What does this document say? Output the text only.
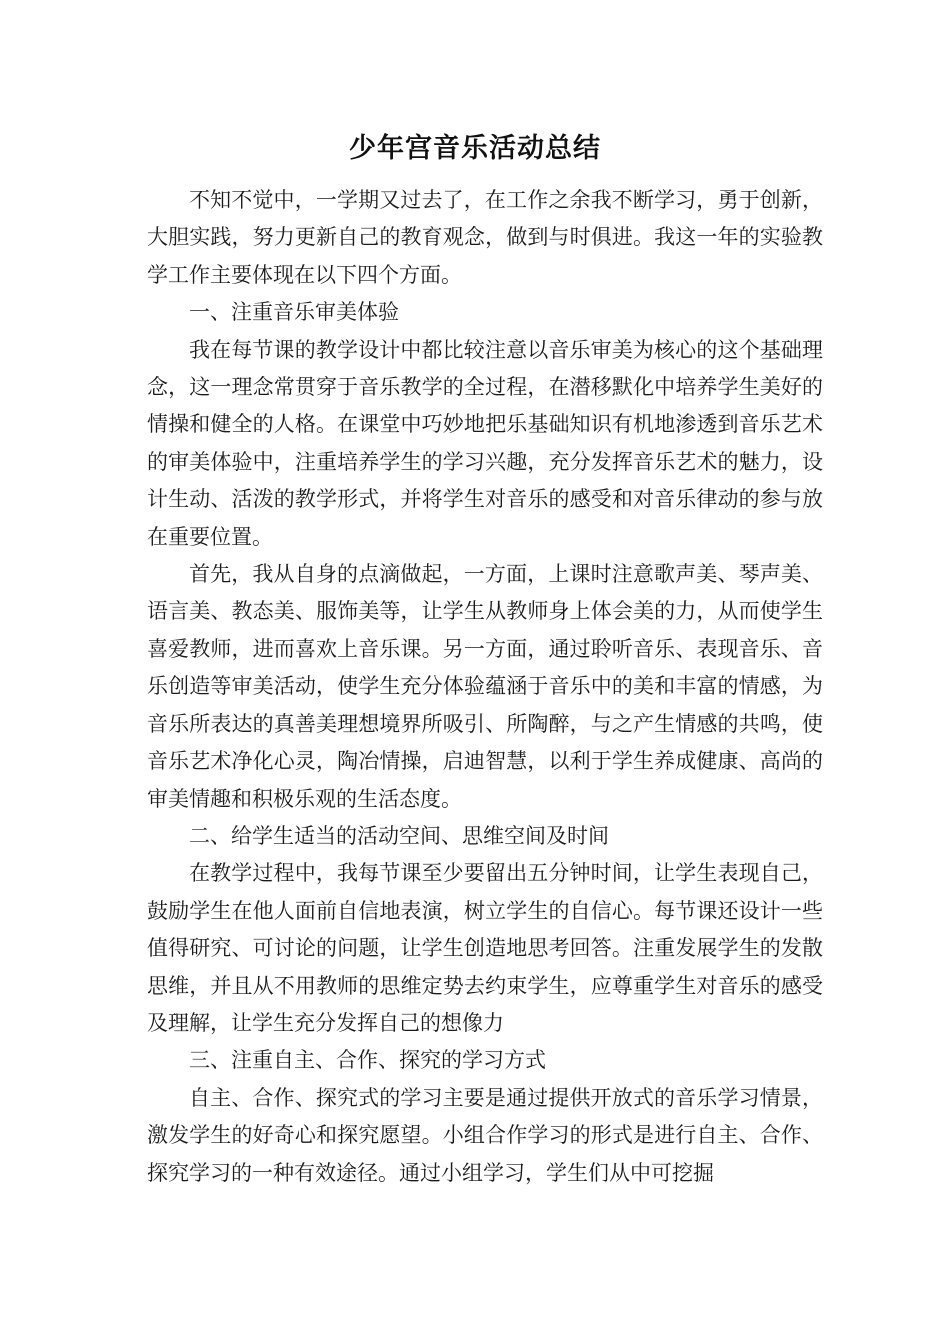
少年宫音乐活动总结

不知不觉中，一学期又过去了，在工作之余我不断学习，勇于创新，大胆实践，努力更新自己的教育观念，做到与时俱进。我这一年的实验教学工作主要体现在以下四个方面。

一、注重音乐审美体验

我在每节课的教学设计中都比较注意以音乐审美为核心的这个基础理念，这一理念常贯穿于音乐教学的全过程，在潜移默化中培养学生美好的情操和健全的人格。在课堂中巧妙地把乐基础知识有机地渗透到音乐艺术的审美体验中，注重培养学生的学习兴趣，充分发挥音乐艺术的魅力，设计生动、活泼的教学形式，并将学生对音乐的感受和对音乐律动的参与放在重要位置。

首先，我从自身的点滴做起，一方面，上课时注意歌声美、琴声美、语言美、教态美、服饰美等，让学生从教师身上体会美的力，从而使学生喜爱教师，进而喜欢上音乐课。另一方面，通过聆听音乐、表现音乐、音乐创造等审美活动，使学生充分体验蕴涵于音乐中的美和丰富的情感，为音乐所表达的真善美理想境界所吸引、所陶醉，与之产生情感的共鸣，使音乐艺术净化心灵，陶冶情操，启迪智慧，以利于学生养成健康、高尚的审美情趣和积极乐观的生活态度。

二、给学生适当的活动空间、思维空间及时间

在教学过程中，我每节课至少要留出五分钟时间，让学生表现自己，鼓励学生在他人面前自信地表演，树立学生的自信心。每节课还设计一些值得研究、可讨论的问题，让学生创造地思考回答。注重发展学生的发散思维，并且从不用教师的思维定势去约束学生，应尊重学生对音乐的感受及理解，让学生充分发挥自己的想像力

三、注重自主、合作、探究的学习方式

自主、合作、探究式的学习主要是通过提供开放式的音乐学习情景，激发学生的好奇心和探究愿望。小组合作学习的形式是进行自主、合作、探究学习的一种有效途径。通过小组学习，学生们从中可挖掘
